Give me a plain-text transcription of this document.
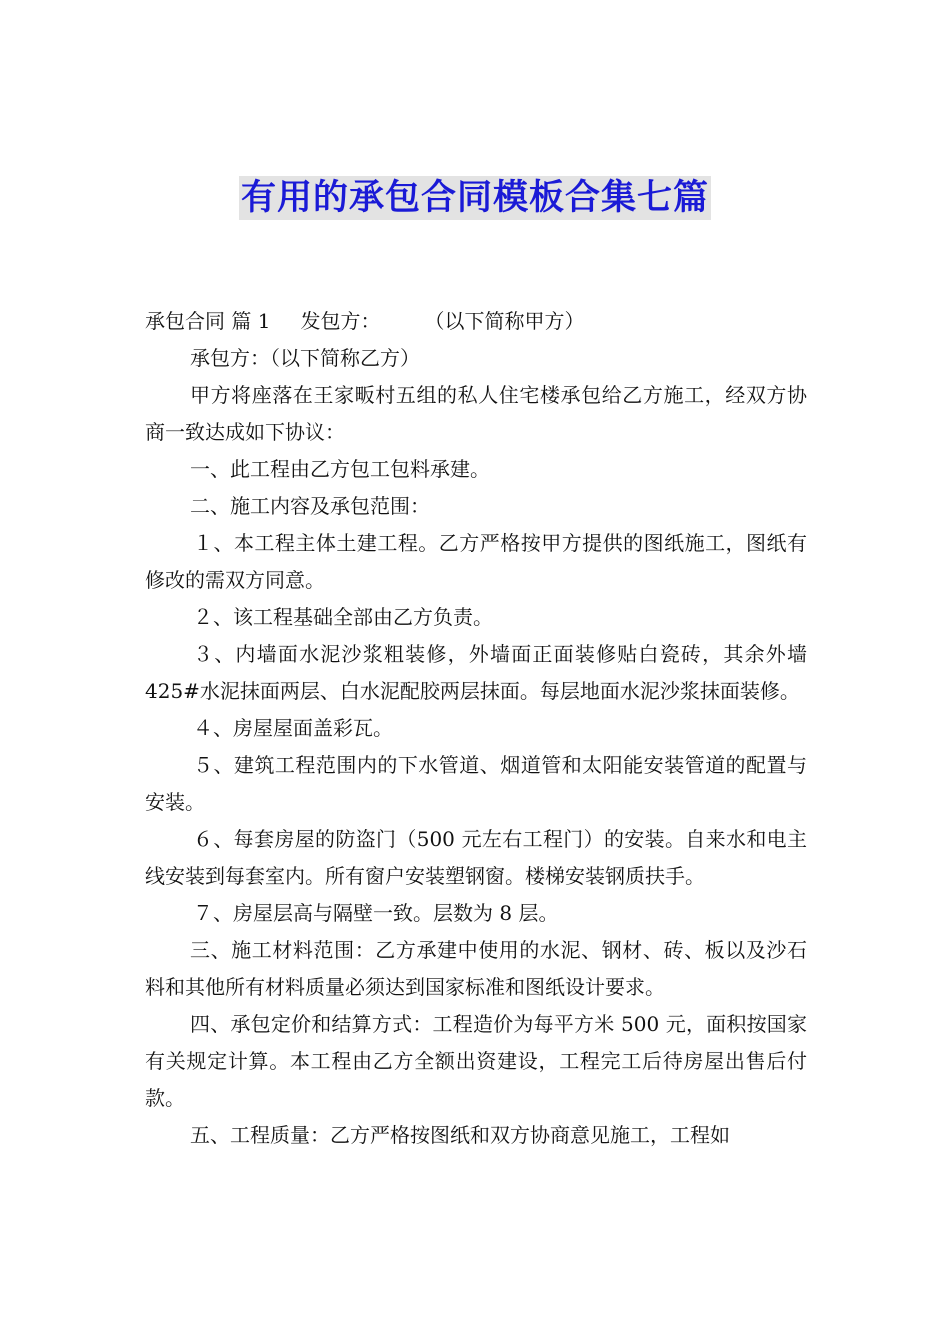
有用的承包合同模板合集七篇

承包合同 篇 1 发包方： （以下简称甲方）

承包方：（以下简称乙方）

甲方将座落在王家畈村五组的私人住宅楼承包给乙方施工，经双方协商一致达成如下协议：

一、此工程由乙方包工包料承建。

二、施工内容及承包范围：

１、本工程主体土建工程。乙方严格按甲方提供的图纸施工，图纸有修改的需双方同意。

２、该工程基础全部由乙方负责。

３、内墙面水泥沙浆粗装修，外墙面正面装修贴白瓷砖，其余外墙 425#水泥抹面两层、白水泥配胶两层抹面。每层地面水泥沙浆抹面装修。

４、房屋屋面盖彩瓦。

５、建筑工程范围内的下水管道、烟道管和太阳能安装管道的配置与安装。

６、每套房屋的防盗门（500 元左右工程门）的安装。自来水和电主线安装到每套室内。所有窗户安装塑钢窗。楼梯安装钢质扶手。

７、房屋层高与隔壁一致。层数为 8 层。

三、施工材料范围：乙方承建中使用的水泥、钢材、砖、板以及沙石料和其他所有材料质量必须达到国家标准和图纸设计要求。

四、承包定价和结算方式：工程造价为每平方米 500 元，面积按国家有关规定计算。本工程由乙方全额出资建设，工程完工后待房屋出售后付款。

五、工程质量：乙方严格按图纸和双方协商意见施工，工程如
